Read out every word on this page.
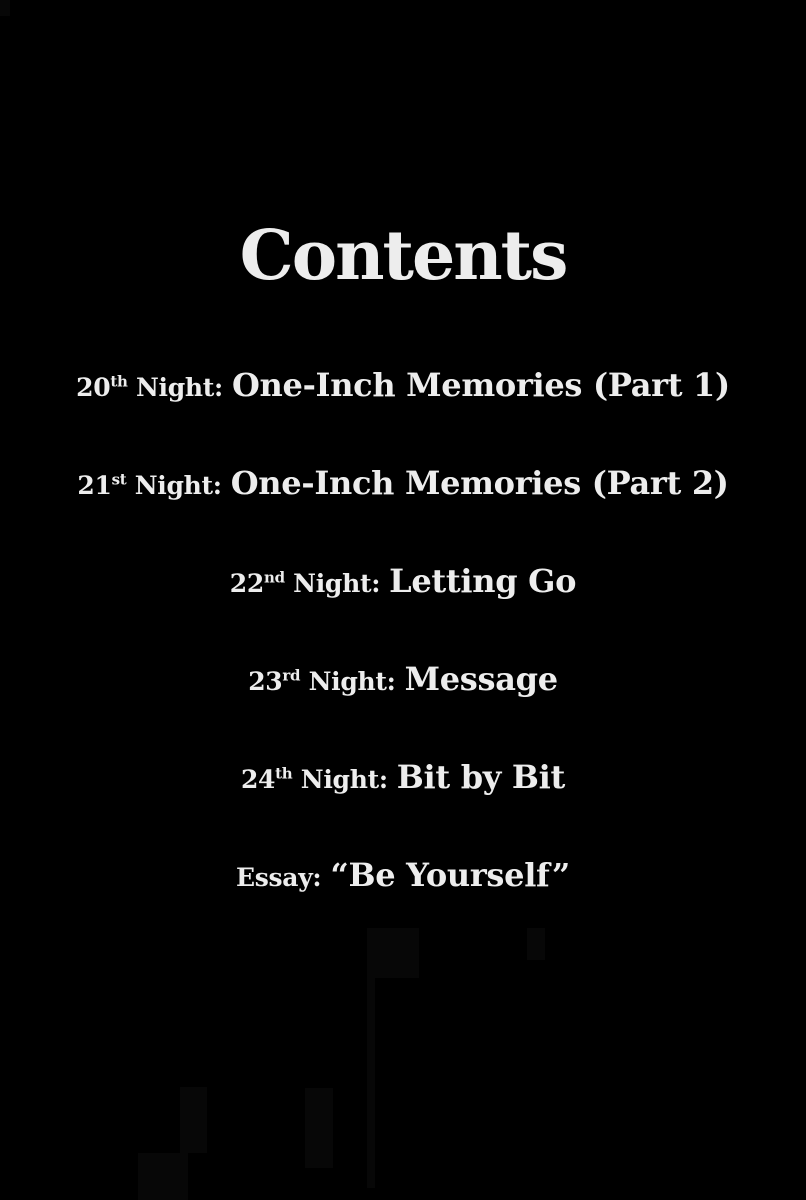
Contents
20th Night: One-Inch Memories (Part 1)
21st Night: One-Inch Memories (Part 2)
22nd Night: Letting Go
23rd Night: Message
24th Night: Bit by Bit
Essay: “Be Yourself”
